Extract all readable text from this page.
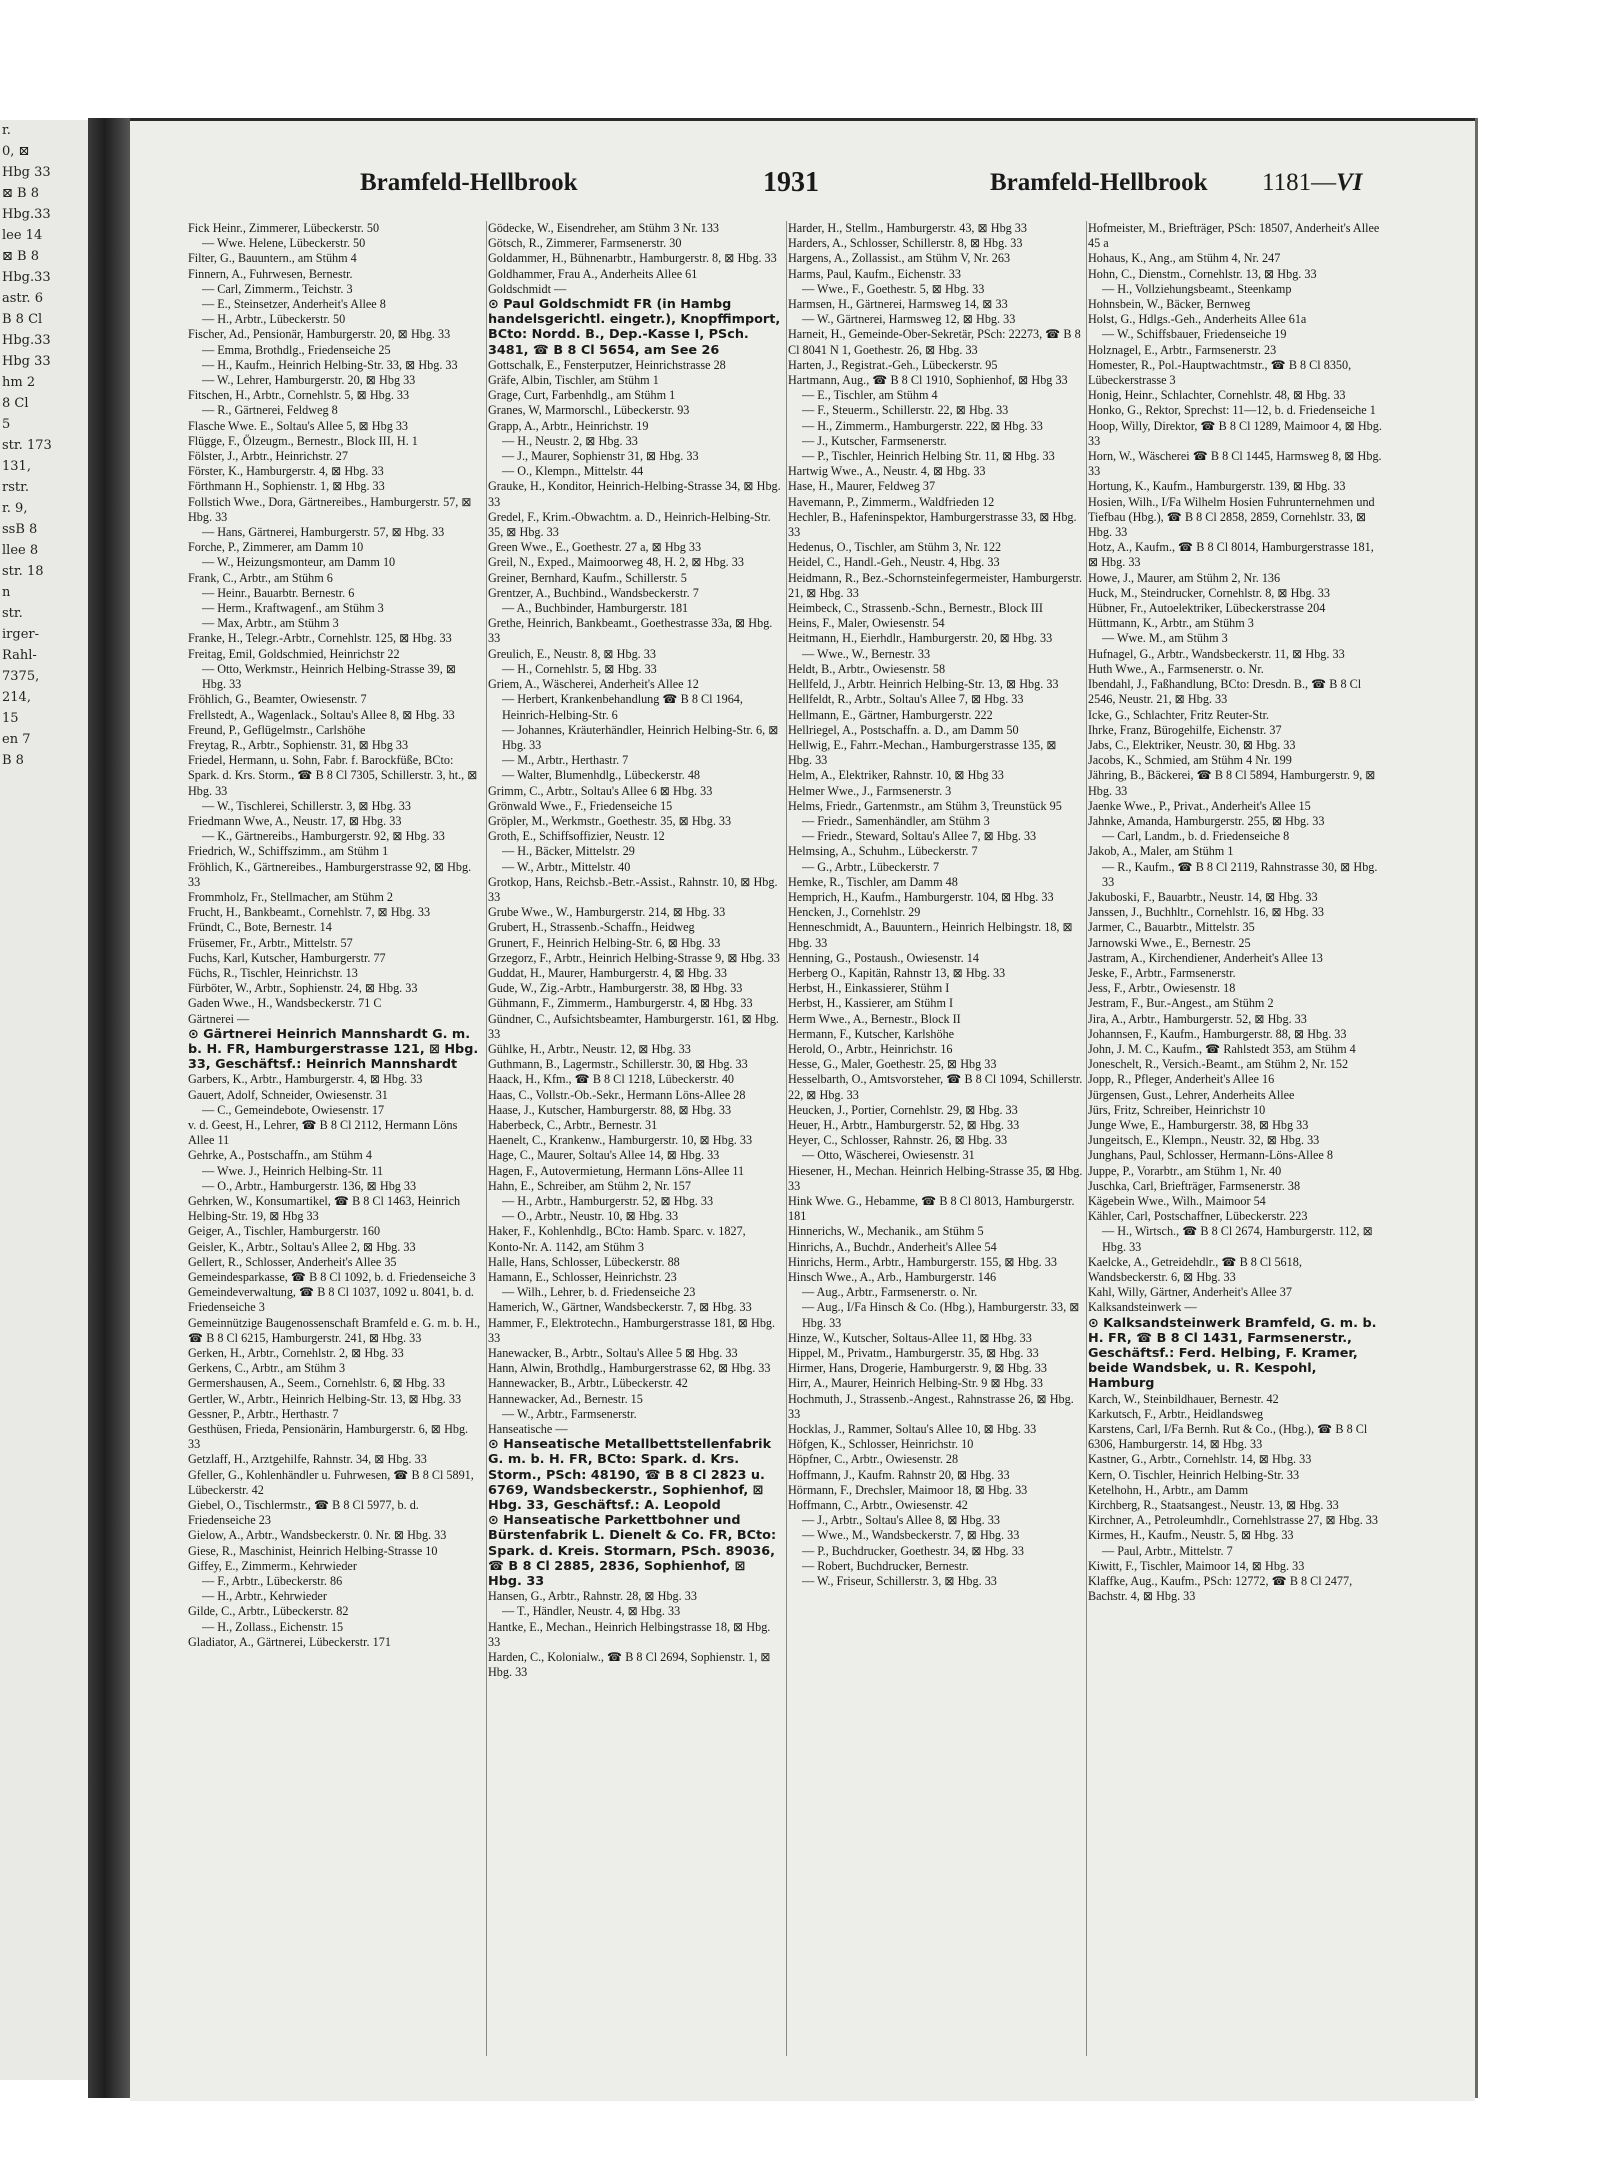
r.
0, ⊠
Hbg 33
⊠ B 8
Hbg.33
lee 14
⊠ B 8
Hbg.33
astr. 6
B 8 Cl
Hbg.33
Hbg 33
hm 2
8 Cl
5
str. 173
131,
rstr.
r. 9,
ssB 8
llee 8
str. 18
n
str.
irger-
Rahl-
7375,
214,
15
en 7
B 8
Bramfeld-Hellbrook	1931	Bramfeld-Hellbrook 1181—VI
Fick Heinr., Zimmerer, Lübeckerstr. 50
— Wwe. Helene, Lübeckerstr. 50
Filter, G., Bauuntern., am Stühm 4
Finnern, A., Fuhrwesen, Bernestr.
— Carl, Zimmerm., Teichstr. 3
— E., Steinsetzer, Anderheit's Allee 8
— H., Arbtr., Lübeckerstr. 50
Fischer, Ad., Pensionär, Hamburgerstr. 20, ⊠ Hbg. 33
— Emma, Brothdlg., Friedenseiche 25
— H., Kaufm., Heinrich Helbing-Str. 33, ⊠ Hbg. 33
— W., Lehrer, Hamburgerstr. 20, ⊠ Hbg 33
Fitschen, H., Arbtr., Cornehlstr. 5, ⊠ Hbg. 33
— R., Gärtnerei, Feldweg 8
Flasche Wwe. E., Soltau's Allee 5, ⊠ Hbg 33
Flügge, F., Ölzeugm., Bernestr., Block III, H. 1
Fölster, J., Arbtr., Heinrichstr. 27
Förster, K., Hamburgerstr. 4, ⊠ Hbg. 33
Förthmann H., Sophienstr. 1, ⊠ Hbg. 33
Follstich Wwe., Dora, Gärtnereibes., Hamburgerstr. 57, ⊠ Hbg. 33
— Hans, Gärtnerei, Hamburgerstr. 57, ⊠ Hbg. 33
Forche, P., Zimmerer, am Damm 10
— W., Heizungsmonteur, am Damm 10
Frank, C., Arbtr., am Stühm 6
— Heinr., Bauarbtr. Bernestr. 6
— Herm., Kraftwagenf., am Stühm 3
— Max, Arbtr., am Stühm 3
Franke, H., Telegr.-Arbtr., Cornehlstr. 125, ⊠ Hbg. 33
Freitag, Emil, Goldschmied, Heinrichstr 22
— Otto, Werkmstr., Heinrich Helbing-Strasse 39, ⊠ Hbg. 33
Fröhlich, G., Beamter, Owiesenstr. 7
Frellstedt, A., Wagenlack., Soltau's Allee 8, ⊠ Hbg. 33
Freund, P., Geflügelmstr., Carlshöhe
Freytag, R., Arbtr., Sophienstr. 31, ⊠ Hbg 33
Friedel, Hermann, u. Sohn, Fabr. f. Barockfüße, BCto: Spark. d. Krs. Storm., ☎ B 8 Cl 7305, Schillerstr. 3, ht., ⊠ Hbg. 33
— W., Tischlerei, Schillerstr. 3, ⊠ Hbg. 33
Friedmann Wwe, A., Neustr. 17, ⊠ Hbg. 33
— K., Gärtnereibs., Hamburgerstr. 92, ⊠ Hbg. 33
Friedrich, W., Schiffszimm., am Stühm 1
Fröhlich, K., Gärtnereibes., Hamburgerstrasse 92, ⊠ Hbg. 33
Frommholz, Fr., Stellmacher, am Stühm 2
Frucht, H., Bankbeamt., Cornehlstr. 7, ⊠ Hbg. 33
Fründt, C., Bote, Bernestr. 14
Früsemer, Fr., Arbtr., Mittelstr. 57
Fuchs, Karl, Kutscher, Hamburgerstr. 77
Füchs, R., Tischler, Heinrichstr. 13
Fürböter, W., Arbtr., Sophienstr. 24, ⊠ Hbg. 33
Gaden Wwe., H., Wandsbeckerstr. 71 C
Gärtnerei —
⊙ Gärtnerei Heinrich Mannshardt G. m. b. H. FR, Hamburgerstrasse 121, ⊠ Hbg. 33, Geschäftsf.: Heinrich Mannshardt
Garbers, K., Arbtr., Hamburgerstr. 4, ⊠ Hbg. 33
Gauert, Adolf, Schneider, Owiesenstr. 31
— C., Gemeindebote, Owiesenstr. 17
v. d. Geest, H., Lehrer, ☎ B 8 Cl 2112, Hermann Löns Allee 11
Gehrke, A., Postschaffn., am Stühm 4
— Wwe. J., Heinrich Helbing-Str. 11
— O., Arbtr., Hamburgerstr. 136, ⊠ Hbg 33
Gehrken, W., Konsumartikel, ☎ B 8 Cl 1463, Heinrich Helbing-Str. 19, ⊠ Hbg 33
Geiger, A., Tischler, Hamburgerstr. 160
Geisler, K., Arbtr., Soltau's Allee 2, ⊠ Hbg. 33
Gellert, R., Schlosser, Anderheit's Allee 35
Gemeindesparkasse, ☎ B 8 Cl 1092, b. d. Friedenseiche 3
Gemeindeverwaltung, ☎ B 8 Cl 1037, 1092 u. 8041, b. d. Friedenseiche 3
Gemeinnützige Baugenossenschaft Bramfeld e. G. m. b. H., ☎ B 8 Cl 6215, Hamburgerstr. 241, ⊠ Hbg. 33
Gerken, H., Arbtr., Cornehlstr. 2, ⊠ Hbg. 33
Gerkens, C., Arbtr., am Stühm 3
Germershausen, A., Seem., Cornehlstr. 6, ⊠ Hbg. 33
Gertler, W., Arbtr., Heinrich Helbing-Str. 13, ⊠ Hbg. 33
Gessner, P., Arbtr., Herthastr. 7
Gesthüsen, Frieda, Pensionärin, Hamburgerstr. 6, ⊠ Hbg. 33
Getzlaff, H., Arztgehilfe, Rahnstr. 34, ⊠ Hbg. 33
Gfeller, G., Kohlenhändler u. Fuhrwesen, ☎ B 8 Cl 5891, Lübeckerstr. 42
Giebel, O., Tischlermstr., ☎ B 8 Cl 5977, b. d. Friedenseiche 23
Gielow, A., Arbtr., Wandsbeckerstr. 0. Nr. ⊠ Hbg. 33
Giese, R., Maschinist, Heinrich Helbing-Strasse 10
Giffey, E., Zimmerm., Kehrwieder
— F., Arbtr., Lübeckerstr. 86
— H., Arbtr., Kehrwieder
Gilde, C., Arbtr., Lübeckerstr. 82
— H., Zollass., Eichenstr. 15
Gladiator, A., Gärtnerei, Lübeckerstr. 171
Gödecke, W., Eisendreher, am Stühm 3 Nr. 133
Götsch, R., Zimmerer, Farmsenerstr. 30
Goldammer, H., Bühnenarbtr., Hamburgerstr. 8, ⊠ Hbg. 33
Goldhammer, Frau A., Anderheits Allee 61
Goldschmidt —
⊙ Paul Goldschmidt FR (in Hambg handelsgerichtl. eingetr.), Knopffimport, BCto: Nordd. B., Dep.-Kasse I, PSch. 3481, ☎ B 8 Cl 5654, am See 26
Gottschalk, E., Fensterputzer, Heinrichstrasse 28
Gräfe, Albin, Tischler, am Stühm 1
Grage, Curt, Farbenhdlg., am Stühm 1
Granes, W, Marmorschl., Lübeckerstr. 93
Grapp, A., Arbtr., Heinrichstr. 19
— H., Neustr. 2, ⊠ Hbg. 33
— J., Maurer, Sophienstr 31, ⊠ Hbg. 33
— O., Klempn., Mittelstr. 44
Grauke, H., Konditor, Heinrich-Helbing-Strasse 34, ⊠ Hbg. 33
Gredel, F., Krim.-Obwachtm. a. D., Heinrich-Helbing-Str. 35, ⊠ Hbg. 33
Green Wwe., E., Goethestr. 27 a, ⊠ Hbg 33
Greil, N., Exped., Maimoorweg 48, H. 2, ⊠ Hbg. 33
Greiner, Bernhard, Kaufm., Schillerstr. 5
Grentzer, A., Buchbind., Wandsbeckerstr. 7
— A., Buchbinder, Hamburgerstr. 181
Grethe, Heinrich, Bankbeamt., Goethestrasse 33a, ⊠ Hbg. 33
Greulich, E., Neustr. 8, ⊠ Hbg. 33
— H., Cornehlstr. 5, ⊠ Hbg. 33
Griem, A., Wäscherei, Anderheit's Allee 12
— Herbert, Krankenbehandlung ☎ B 8 Cl 1964, Heinrich-Helbing-Str. 6
— Johannes, Kräuterhändler, Heinrich Helbing-Str. 6, ⊠ Hbg. 33
— M., Arbtr., Herthastr. 7
— Walter, Blumenhdlg., Lübeckerstr. 48
Grimm, C., Arbtr., Soltau's Allee 6 ⊠ Hbg. 33
Grönwald Wwe., F., Friedenseiche 15
Gröpler, M., Werkmstr., Goethestr. 35, ⊠ Hbg. 33
Groth, E., Schiffsoffizier, Neustr. 12
— H., Bäcker, Mittelstr. 29
— W., Arbtr., Mittelstr. 40
Grotkop, Hans, Reichsb.-Betr.-Assist., Rahnstr. 10, ⊠ Hbg. 33
Grube Wwe., W., Hamburgerstr. 214, ⊠ Hbg. 33
Grubert, H., Strassenb.-Schaffn., Heidweg
Grunert, F., Heinrich Helbing-Str. 6, ⊠ Hbg. 33
Grzegorz, F., Arbtr., Heinrich Helbing-Strasse 9, ⊠ Hbg. 33
Guddat, H., Maurer, Hamburgerstr. 4, ⊠ Hbg. 33
Gude, W., Zig.-Arbtr., Hamburgerstr. 38, ⊠ Hbg. 33
Gühmann, F., Zimmerm., Hamburgerstr. 4, ⊠ Hbg. 33
Gündner, C., Aufsichtsbeamter, Hamburgerstr. 161, ⊠ Hbg. 33
Gühlke, H., Arbtr., Neustr. 12, ⊠ Hbg. 33
Guthmann, B., Lagermstr., Schillerstr. 30, ⊠ Hbg. 33
Haack, H., Kfm., ☎ B 8 Cl 1218, Lübeckerstr. 40
Haas, C., Vollstr.-Ob.-Sekr., Hermann Löns-Allee 28
Haase, J., Kutscher, Hamburgerstr. 88, ⊠ Hbg. 33
Haberbeck, C., Arbtr., Bernestr. 31
Haenelt, C., Krankenw., Hamburgerstr. 10, ⊠ Hbg. 33
Hage, C., Maurer, Soltau's Allee 14, ⊠ Hbg. 33
Hagen, F., Autovermietung, Hermann Löns-Allee 11
Hahn, E., Schreiber, am Stühm 2, Nr. 157
— H., Arbtr., Hamburgerstr. 52, ⊠ Hbg. 33
— O., Arbtr., Neustr. 10, ⊠ Hbg. 33
Haker, F., Kohlenhdlg., BCto: Hamb. Sparc. v. 1827, Konto-Nr. A. 1142, am Stühm 3
Halle, Hans, Schlosser, Lübeckerstr. 88
Hamann, E., Schlosser, Heinrichstr. 23
— Wilh., Lehrer, b. d. Friedenseiche 23
Hamerich, W., Gärtner, Wandsbeckerstr. 7, ⊠ Hbg. 33
Hammer, F., Elektrotechn., Hamburgerstrasse 181, ⊠ Hbg. 33
Hanewacker, B., Arbtr., Soltau's Allee 5 ⊠ Hbg. 33
Hann, Alwin, Brothdlg., Hamburgerstrasse 62, ⊠ Hbg. 33
Hannewacker, B., Arbtr., Lübeckerstr. 42
Hannewacker, Ad., Bernestr. 15
— W., Arbtr., Farmsenerstr.
Hanseatische —
⊙ Hanseatische Metallbettstellenfabrik G. m. b. H. FR, BCto: Spark. d. Krs. Storm., PSch: 48190, ☎ B 8 Cl 2823 u. 6769, Wandsbeckerstr., Sophienhof, ⊠ Hbg. 33, Geschäftsf.: A. Leopold
⊙ Hanseatische Parkettbohner und Bürstenfabrik L. Dienelt & Co. FR, BCto: Spark. d. Kreis. Stormarn, PSch. 89036, ☎ B 8 Cl 2885, 2836, Sophienhof, ⊠ Hbg. 33
Hansen, G., Arbtr., Rahnstr. 28, ⊠ Hbg. 33
— T., Händler, Neustr. 4, ⊠ Hbg. 33
Hantke, E., Mechan., Heinrich Helbingstrasse 18, ⊠ Hbg. 33
Harden, C., Kolonialw., ☎ B 8 Cl 2694, Sophienstr. 1, ⊠ Hbg. 33
Harder, H., Stellm., Hamburgerstr. 43, ⊠ Hbg 33
Harders, A., Schlosser, Schillerstr. 8, ⊠ Hbg. 33
Hargens, A., Zollassist., am Stühm V, Nr. 263
Harms, Paul, Kaufm., Eichenstr. 33
— Wwe., F., Goethestr. 5, ⊠ Hbg. 33
Harmsen, H., Gärtnerei, Harmsweg 14, ⊠ 33
— W., Gärtnerei, Harmsweg 12, ⊠ Hbg. 33
Harneit, H., Gemeinde-Ober-Sekretär, PSch: 22273, ☎ B 8 Cl 8041 N 1, Goethestr. 26, ⊠ Hbg. 33
Harten, J., Registrat.-Geh., Lübeckerstr. 95
Hartmann, Aug., ☎ B 8 Cl 1910, Sophienhof, ⊠ Hbg 33
— E., Tischler, am Stühm 4
— F., Steuerm., Schillerstr. 22, ⊠ Hbg. 33
— H., Zimmerm., Hamburgerstr. 222, ⊠ Hbg. 33
— J., Kutscher, Farmsenerstr.
— P., Tischler, Heinrich Helbing Str. 11, ⊠ Hbg. 33
Hartwig Wwe., A., Neustr. 4, ⊠ Hbg. 33
Hase, H., Maurer, Feldweg 37
Havemann, P., Zimmerm., Waldfrieden 12
Hechler, B., Hafeninspektor, Hamburgerstrasse 33, ⊠ Hbg. 33
Hedenus, O., Tischler, am Stühm 3, Nr. 122
Heidel, C., Handl.-Geh., Neustr. 4, Hbg. 33
Heidmann, R., Bez.-Schornsteinfegermeister, Hamburgerstr. 21, ⊠ Hbg. 33
Heimbeck, C., Strassenb.-Schn., Bernestr., Block III
Heins, F., Maler, Owiesenstr. 54
Heitmann, H., Eierhdlr., Hamburgerstr. 20, ⊠ Hbg. 33
— Wwe., W., Bernestr. 33
Heldt, B., Arbtr., Owiesenstr. 58
Hellfeld, J., Arbtr. Heinrich Helbing-Str. 13, ⊠ Hbg. 33
Hellfeldt, R., Arbtr., Soltau's Allee 7, ⊠ Hbg. 33
Hellmann, E., Gärtner, Hamburgerstr. 222
Hellriegel, A., Postschaffn. a. D., am Damm 50
Hellwig, E., Fahrr.-Mechan., Hamburgerstrasse 135, ⊠ Hbg. 33
Helm, A., Elektriker, Rahnstr. 10, ⊠ Hbg 33
Helmer Wwe., J., Farmsenerstr. 3
Helms, Friedr., Gartenmstr., am Stühm 3, Treunstück 95
— Friedr., Samenhändler, am Stühm 3
— Friedr., Steward, Soltau's Allee 7, ⊠ Hbg. 33
Helmsing, A., Schuhm., Lübeckerstr. 7
— G., Arbtr., Lübeckerstr. 7
Hemke, R., Tischler, am Damm 48
Hemprich, H., Kaufm., Hamburgerstr. 104, ⊠ Hbg. 33
Hencken, J., Cornehlstr. 29
Henneschmidt, A., Bauuntern., Heinrich Helbingstr. 18, ⊠ Hbg. 33
Henning, G., Postaush., Owiesenstr. 14
Herberg O., Kapitän, Rahnstr 13, ⊠ Hbg. 33
Herbst, H., Einkassierer, Stühm I
Herbst, H., Kassierer, am Stühm I
Herm Wwe., A., Bernestr., Block II
Hermann, F., Kutscher, Karlshöhe
Herold, O., Arbtr., Heinrichstr. 16
Hesse, G., Maler, Goethestr. 25, ⊠ Hbg 33
Hesselbarth, O., Amtsvorsteher, ☎ B 8 Cl 1094, Schillerstr. 22, ⊠ Hbg. 33
Heucken, J., Portier, Cornehlstr. 29, ⊠ Hbg. 33
Heuer, H., Arbtr., Hamburgerstr. 52, ⊠ Hbg. 33
Heyer, C., Schlosser, Rahnstr. 26, ⊠ Hbg. 33
— Otto, Wäscherei, Owiesenstr. 31
Hiesener, H., Mechan. Heinrich Helbing-Strasse 35, ⊠ Hbg. 33
Hink Wwe. G., Hebamme, ☎ B 8 Cl 8013, Hamburgerstr. 181
Hinnerichs, W., Mechanik., am Stühm 5
Hinrichs, A., Buchdr., Anderheit's Allee 54
Hinrichs, Herm., Arbtr., Hamburgerstr. 155, ⊠ Hbg. 33
Hinsch Wwe., A., Arb., Hamburgerstr. 146
— Aug., Arbtr., Farmsenerstr. o. Nr.
— Aug., I/Fa Hinsch & Co. (Hbg.), Hamburgerstr. 33, ⊠ Hbg. 33
Hinze, W., Kutscher, Soltaus-Allee 11, ⊠ Hbg. 33
Hippel, M., Privatm., Hamburgerstr. 35, ⊠ Hbg. 33
Hirmer, Hans, Drogerie, Hamburgerstr. 9, ⊠ Hbg. 33
Hirr, A., Maurer, Heinrich Helbing-Str. 9 ⊠ Hbg. 33
Hochmuth, J., Strassenb.-Angest., Rahnstrasse 26, ⊠ Hbg. 33
Hocklas, J., Rammer, Soltau's Allee 10, ⊠ Hbg. 33
Höfgen, K., Schlosser, Heinrichstr. 10
Höpfner, C., Arbtr., Owiesenstr. 28
Hoffmann, J., Kaufm. Rahnstr 20, ⊠ Hbg. 33
Hörmann, F., Drechsler, Maimoor 18, ⊠ Hbg. 33
Hoffmann, C., Arbtr., Owiesenstr. 42
— J., Arbtr., Soltau's Allee 8, ⊠ Hbg. 33
— Wwe., M., Wandsbeckerstr. 7, ⊠ Hbg. 33
— P., Buchdrucker, Goethestr. 34, ⊠ Hbg. 33
— Robert, Buchdrucker, Bernestr.
— W., Friseur, Schillerstr. 3, ⊠ Hbg. 33
Hofmeister, M., Briefträger, PSch: 18507, Anderheit's Allee 45 a
Hohaus, K., Ang., am Stühm 4, Nr. 247
Hohn, C., Dienstm., Cornehlstr. 13, ⊠ Hbg. 33
— H., Vollziehungsbeamt., Steenkamp
Hohnsbein, W., Bäcker, Bernweg
Holst, G., Hdlgs.-Geh., Anderheits Allee 61a
— W., Schiffsbauer, Friedenseiche 19
Holznagel, E., Arbtr., Farmsenerstr. 23
Homester, R., Pol.-Hauptwachtmstr., ☎ B 8 Cl 8350, Lübeckerstrasse 3
Honig, Heinr., Schlachter, Cornehlstr. 48, ⊠ Hbg. 33
Honko, G., Rektor, Sprechst: 11—12, b. d. Friedenseiche 1
Hoop, Willy, Direktor, ☎ B 8 Cl 1289, Maimoor 4, ⊠ Hbg. 33
Horn, W., Wäscherei ☎ B 8 Cl 1445, Harmsweg 8, ⊠ Hbg. 33
Hortung, K., Kaufm., Hamburgerstr. 139, ⊠ Hbg. 33
Hosien, Wilh., I/Fa Wilhelm Hosien Fuhrunternehmen und Tiefbau (Hbg.), ☎ B 8 Cl 2858, 2859, Cornehlstr. 33, ⊠ Hbg. 33
Hotz, A., Kaufm., ☎ B 8 Cl 8014, Hamburgerstrasse 181, ⊠ Hbg. 33
Howe, J., Maurer, am Stühm 2, Nr. 136
Huck, M., Steindrucker, Cornehlstr. 8, ⊠ Hbg. 33
Hübner, Fr., Autoelektriker, Lübeckerstrasse 204
Hüttmann, K., Arbtr., am Stühm 3
— Wwe. M., am Stühm 3
Hufnagel, G., Arbtr., Wandsbeckerstr. 11, ⊠ Hbg. 33
Huth Wwe., A., Farmsenerstr. o. Nr.
Ibendahl, J., Faßhandlung, BCto: Dresdn. B., ☎ B 8 Cl 2546, Neustr. 21, ⊠ Hbg. 33
Icke, G., Schlachter, Fritz Reuter-Str.
Ihrke, Franz, Bürogehilfe, Eichenstr. 37
Jabs, C., Elektriker, Neustr. 30, ⊠ Hbg. 33
Jacobs, K., Schmied, am Stühm 4 Nr. 199
Jähring, B., Bäckerei, ☎ B 8 Cl 5894, Hamburgerstr. 9, ⊠ Hbg. 33
Jaenke Wwe., P., Privat., Anderheit's Allee 15
Jahnke, Amanda, Hamburgerstr. 255, ⊠ Hbg. 33
— Carl, Landm., b. d. Friedenseiche 8
Jakob, A., Maler, am Stühm 1
— R., Kaufm., ☎ B 8 Cl 2119, Rahnstrasse 30, ⊠ Hbg. 33
Jakuboski, F., Bauarbtr., Neustr. 14, ⊠ Hbg. 33
Janssen, J., Buchhltr., Cornehlstr. 16, ⊠ Hbg. 33
Jarmer, C., Bauarbtr., Mittelstr. 35
Jarnowski Wwe., E., Bernestr. 25
Jastram, A., Kirchendiener, Anderheit's Allee 13
Jeske, F., Arbtr., Farmsenerstr.
Jess, F., Arbtr., Owiesenstr. 18
Jestram, F., Bur.-Angest., am Stühm 2
Jira, A., Arbtr., Hamburgerstr. 52, ⊠ Hbg. 33
Johannsen, F., Kaufm., Hamburgerstr. 88, ⊠ Hbg. 33
John, J. M. C., Kaufm., ☎ Rahlstedt 353, am Stühm 4
Joneschelt, R., Versich.-Beamt., am Stühm 2, Nr. 152
Jopp, R., Pfleger, Anderheit's Allee 16
Jürgensen, Gust., Lehrer, Anderheits Allee
Jürs, Fritz, Schreiber, Heinrichstr 10
Junge Wwe, E., Hamburgerstr. 38, ⊠ Hbg 33
Jungeitsch, E., Klempn., Neustr. 32, ⊠ Hbg. 33
Junghans, Paul, Schlosser, Hermann-Löns-Allee 8
Juppe, P., Vorarbtr., am Stühm 1, Nr. 40
Juschka, Carl, Briefträger, Farmsenerstr. 38
Kägebein Wwe., Wilh., Maimoor 54
Kähler, Carl, Postschaffner, Lübeckerstr. 223
— H., Wirtsch., ☎ B 8 Cl 2674, Hamburgerstr. 112, ⊠ Hbg. 33
Kaelcke, A., Getreidehdlr., ☎ B 8 Cl 5618, Wandsbeckerstr. 6, ⊠ Hbg. 33
Kahl, Willy, Gärtner, Anderheit's Allee 37
Kalksandsteinwerk —
⊙ Kalksandsteinwerk Bramfeld, G. m. b. H. FR, ☎ B 8 Cl 1431, Farmsenerstr., Geschäftsf.: Ferd. Helbing, F. Kramer, beide Wandsbek, u. R. Kespohl, Hamburg
Karch, W., Steinbildhauer, Bernestr. 42
Karkutsch, F., Arbtr., Heidlandsweg
Karstens, Carl, I/Fa Bernh. Rut & Co., (Hbg.), ☎ B 8 Cl 6306, Hamburgerstr. 14, ⊠ Hbg. 33
Kastner, G., Arbtr., Cornehlstr. 14, ⊠ Hbg. 33
Kern, O. Tischler, Heinrich Helbing-Str. 33
Ketelhohn, H., Arbtr., am Damm
Kirchberg, R., Staatsangest., Neustr. 13, ⊠ Hbg. 33
Kirchner, A., Petroleumhdlr., Cornehlstrasse 27, ⊠ Hbg. 33
Kirmes, H., Kaufm., Neustr. 5, ⊠ Hbg. 33
— Paul, Arbtr., Mittelstr. 7
Kiwitt, F., Tischler, Maimoor 14, ⊠ Hbg. 33
Klaffke, Aug., Kaufm., PSch: 12772, ☎ B 8 Cl 2477, Bachstr. 4, ⊠ Hbg. 33
